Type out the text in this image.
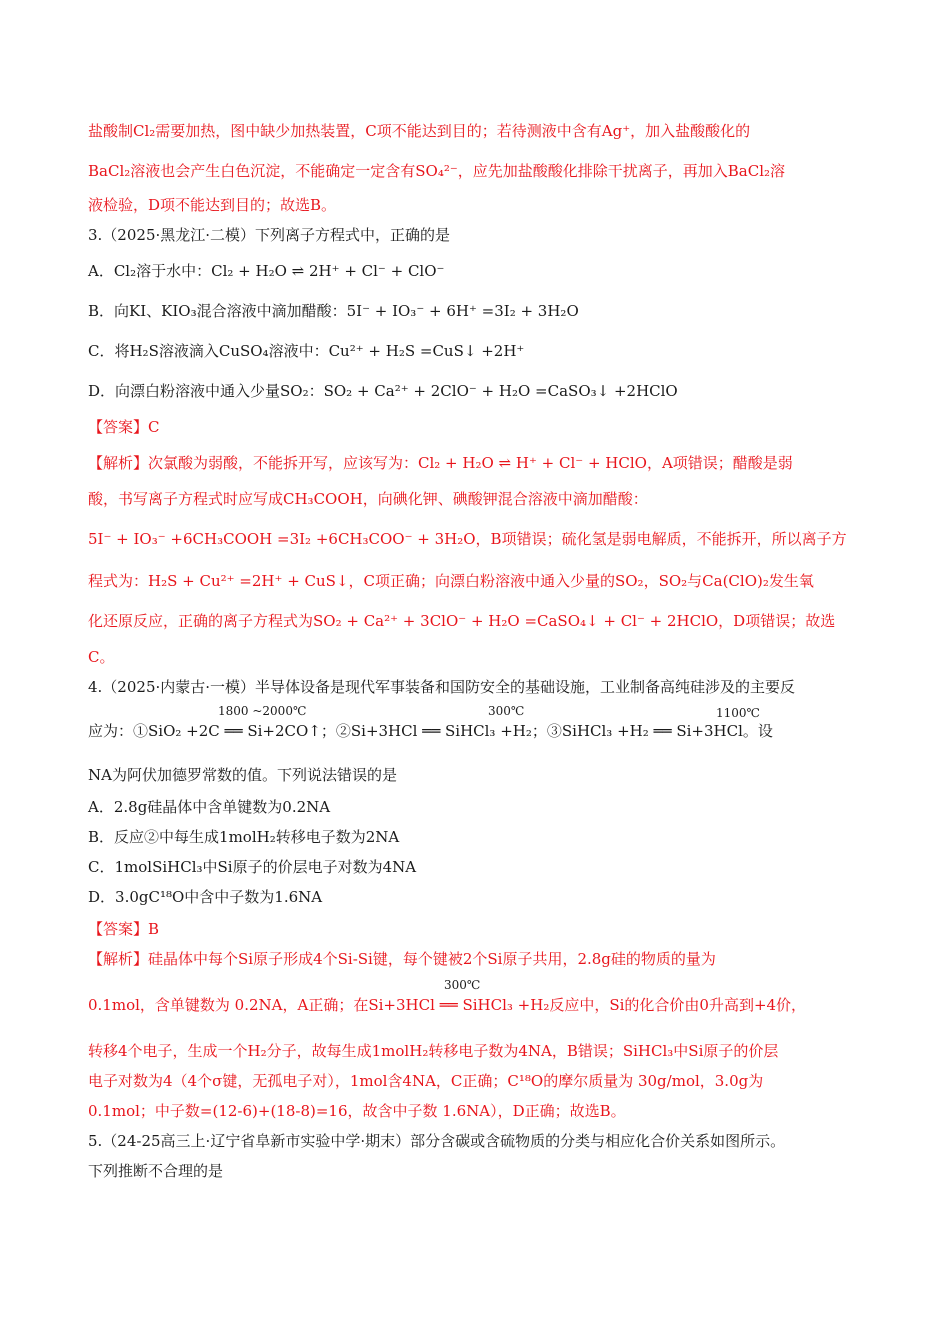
盐酸制Cl₂需要加热，图中缺少加热装置，C项不能达到目的；若待测液中含有Ag⁺，加入盐酸酸化的
BaCl₂溶液也会产生白色沉淀，不能确定一定含有SO₄²⁻，应先加盐酸酸化排除干扰离子，再加入BaCl₂溶
液检验，D项不能达到目的；故选B。
3.（2025·黑龙江·二模）下列离子方程式中，正确的是
A．Cl₂溶于水中：Cl₂ + H₂O ⇌ 2H⁺ + Cl⁻ + ClO⁻
B．向KI、KIO₃混合溶液中滴加醋酸：5I⁻ + IO₃⁻ + 6H⁺ =3I₂ + 3H₂O
C．将H₂S溶液滴入CuSO₄溶液中：Cu²⁺ + H₂S =CuS↓ +2H⁺
D．向漂白粉溶液中通入少量SO₂：SO₂ + Ca²⁺ + 2ClO⁻ + H₂O =CaSO₃↓ +2HClO
【答案】C
【解析】次氯酸为弱酸，不能拆开写，应该写为：Cl₂ + H₂O ⇌ H⁺ + Cl⁻ + HClO，A项错误；醋酸是弱
酸，书写离子方程式时应写成CH₃COOH，向碘化钾、碘酸钾混合溶液中滴加醋酸：
5I⁻ + IO₃⁻ +6CH₃COOH =3I₂ +6CH₃COO⁻ + 3H₂O，B项错误；硫化氢是弱电解质，不能拆开，所以离子方
程式为：H₂S + Cu²⁺ =2H⁺ + CuS↓，C项正确；向漂白粉溶液中通入少量的SO₂，SO₂与Ca(ClO)₂发生氧
化还原反应，正确的离子方程式为SO₂ + Ca²⁺ + 3ClO⁻ + H₂O =CaSO₄↓ + Cl⁻ + 2HClO，D项错误；故选
C。
4.（2025·内蒙古·一模）半导体设备是现代军事装备和国防安全的基础设施，工业制备高纯硅涉及的主要反
应为：①SiO₂ +2C ══ Si+2CO↑；②Si+3HCl ══ SiHCl₃ +H₂；③SiHCl₃ +H₂ ══ Si+3HCl。设
NA为阿伏加德罗常数的值。下列说法错误的是
A．2.8g硅晶体中含单键数为0.2NA
B．反应②中每生成1molH₂转移电子数为2NA
C．1molSiHCl₃中Si原子的价层电子对数为4NA
D．3.0gC¹⁸O中含中子数为1.6NA
【答案】B
【解析】硅晶体中每个Si原子形成4个Si-Si键，每个键被2个Si原子共用，2.8g硅的物质的量为
0.1mol，含单键数为 0.2NA，A正确；在Si+3HCl ══ SiHCl₃ +H₂反应中，Si的化合价由0升高到+4价，
转移4个电子，生成一个H₂分子，故每生成1molH₂转移电子数为4NA，B错误；SiHCl₃中Si原子的价层
电子对数为4（4个σ键，无孤电子对），1mol含4NA，C正确；C¹⁸O的摩尔质量为 30g/mol，3.0g为
0.1mol；中子数=(12-6)+(18-8)=16，故含中子数 1.6NA），D正确；故选B。
5.（24-25高三上·辽宁省阜新市实验中学·期末）部分含碳或含硫物质的分类与相应化合价关系如图所示。
下列推断不合理的是
1800 ~2000℃	300℃	1100℃
300℃
